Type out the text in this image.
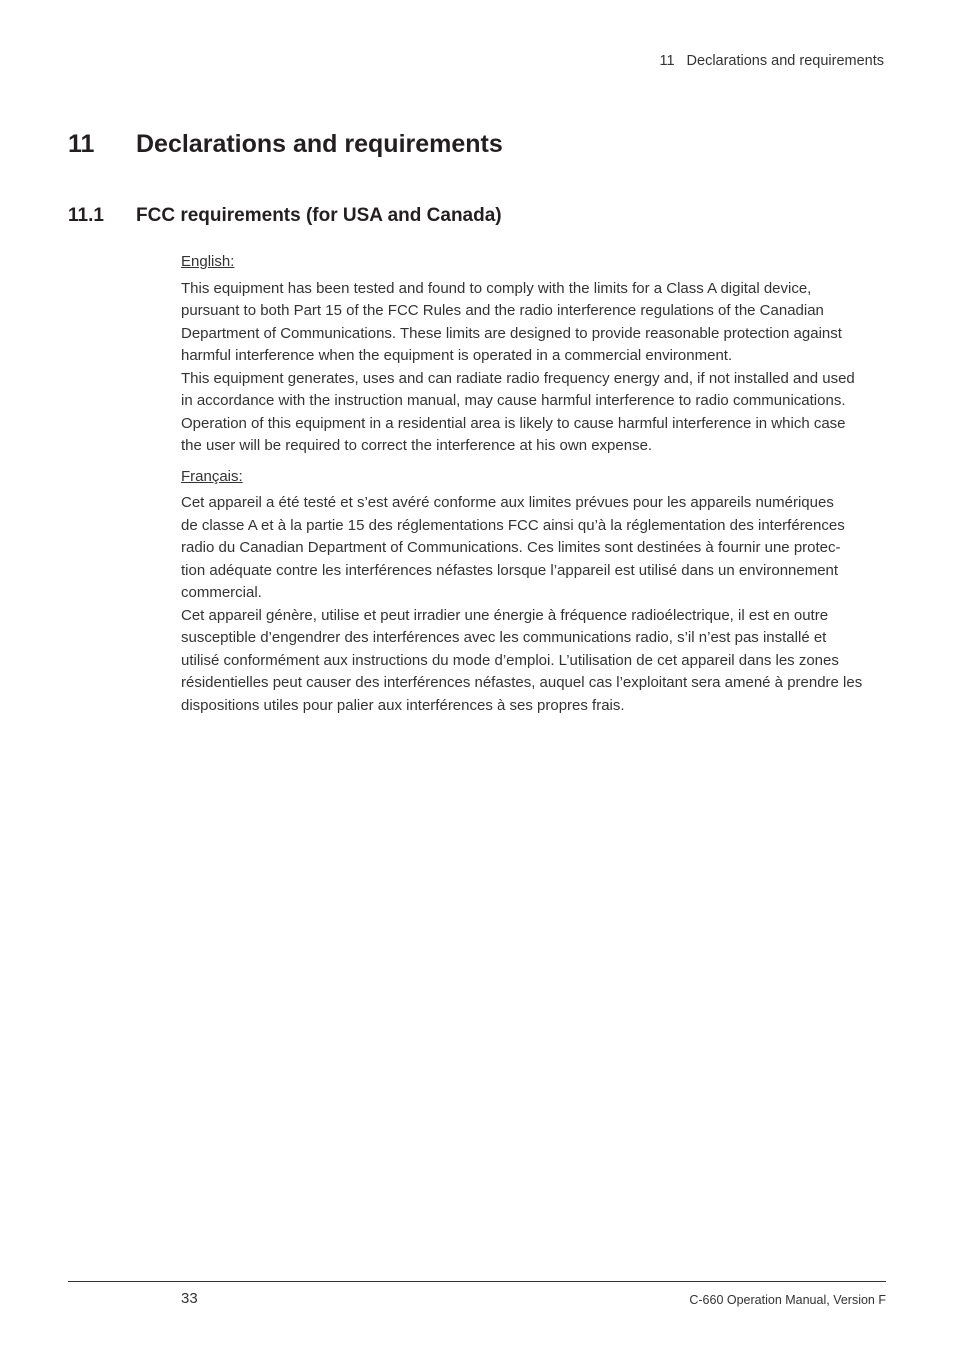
11 Declarations and requirements
11 Declarations and requirements
11.1 FCC requirements (for USA and Canada)
English:

This equipment has been tested and found to comply with the limits for a Class A digital device,
pursuant to both Part 15 of the FCC Rules and the radio interference regulations of the Canadian
Department of Communications. These limits are designed to provide reasonable protection against
harmful interference when the equipment is operated in a commercial environment.

This equipment generates, uses and can radiate radio frequency energy and, if not installed and used
in accordance with the instruction manual, may cause harmful interference to radio communications.
Operation of this equipment in a residential area is likely to cause harmful interference in which case
the user will be required to correct the interference at his own expense.

Français:

Cet appareil a été testé et s’est avéré conforme aux limites prévues pour les appareils numériques
de classe A et à la partie 15 des réglementations FCC ainsi qu’à la réglementation des interférences
radio du Canadian Department of Communications. Ces limites sont destinées à fournir une protec-
tion adéquate contre les interférences néfastes lorsque l’appareil est utilisé dans un environnement
commercial.

Cet appareil génère, utilise et peut irradier une énergie à fréquence radioélectrique, il est en outre
susceptible d’engendrer des interférences avec les communications radio, s’il n’est pas installé et
utilisé conformément aux instructions du mode d’emploi. L’utilisation de cet appareil dans les zones
résidentielles peut causer des interférences néfastes, auquel cas l’exploitant sera amené à prendre les
dispositions utiles pour palier aux interférences à ses propres frais.

33	C-660 Operation Manual, Version F
